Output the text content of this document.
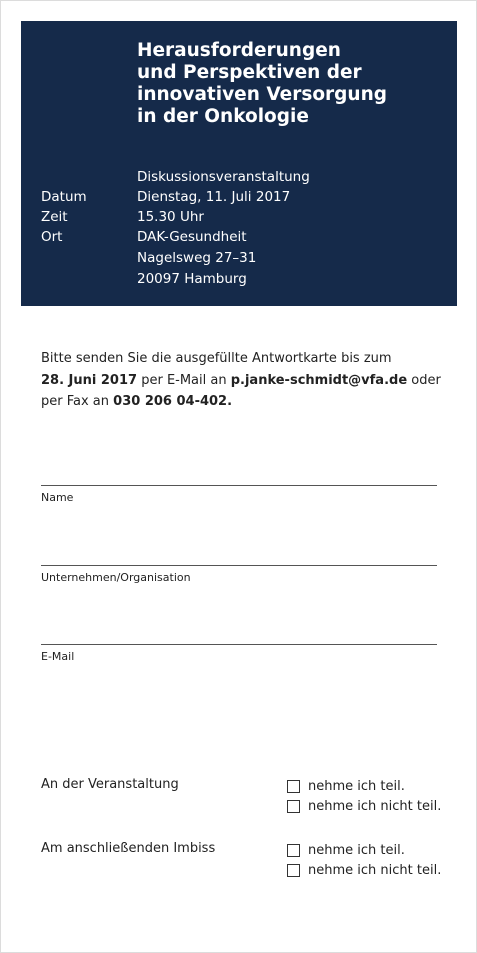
Herausforderungen
und Perspektiven der
innovativen Versorgung
in der Onkologie
Diskussionsveranstaltung
Datum	Dienstag, 11. Juli 2017
Zeit	15.30 Uhr
Ort	DAK-Gesundheit
Nagelsweg 27–31
20097 Hamburg
Bitte senden Sie die ausgefüllte Antwortkarte bis zum
28. Juni 2017 per E-Mail an p.janke-schmidt@vfa.de oder
per Fax an 030 206 04-402.
Name
Unternehmen/Organisation
E-Mail
An der Veranstaltung	nehme ich teil.
nehme ich nicht teil.
Am anschließenden Imbiss	nehme ich teil.
nehme ich nicht teil.
